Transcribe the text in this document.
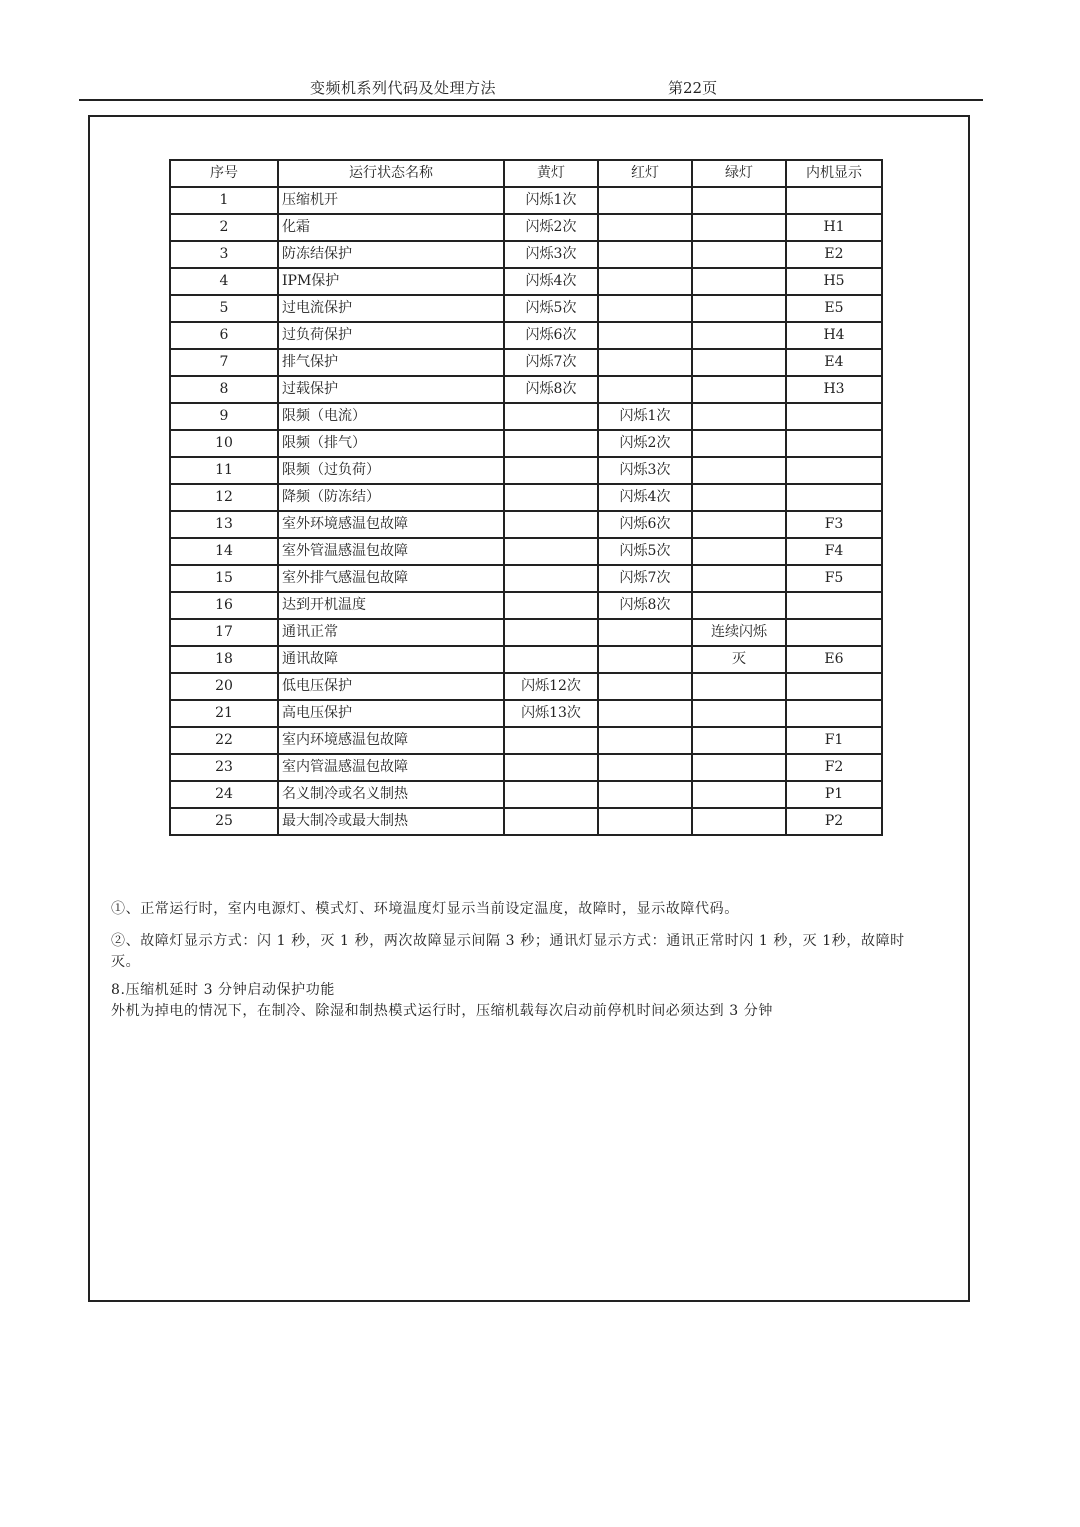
变频机系列代码及处理方法	第22页
序号	运行状态名称	黄灯	红灯	绿灯	内机显示
1	压缩机开	闪烁1次			
2	化霜	闪烁2次			H1
3	防冻结保护	闪烁3次			E2
4	IPM保护	闪烁4次			H5
5	过电流保护	闪烁5次			E5
6	过负荷保护	闪烁6次			H4
7	排气保护	闪烁7次			E4
8	过载保护	闪烁8次			H3
9	限频（电流）		闪烁1次		
10	限频（排气）		闪烁2次		
11	限频（过负荷）		闪烁3次		
12	降频（防冻结）		闪烁4次		
13	室外环境感温包故障		闪烁6次		F3
14	室外管温感温包故障		闪烁5次		F4
15	室外排气感温包故障		闪烁7次		F5
16	达到开机温度		闪烁8次		
17	通讯正常			连续闪烁	
18	通讯故障			灭	E6
20	低电压保护	闪烁12次			
21	高电压保护	闪烁13次			
22	室内环境感温包故障				F1
23	室内管温感温包故障				F2
24	名义制冷或名义制热				P1
25	最大制冷或最大制热				P2
①、正常运行时，室内电源灯、模式灯、环境温度灯显示当前设定温度，故障时，显示故障代码。
②、故障灯显示方式：闪 1 秒，灭 1 秒，两次故障显示间隔 3 秒；通讯灯显示方式：通讯正常时闪 1 秒，灭 1秒，故障时灭。
8.压缩机延时 3 分钟启动保护功能
外机为掉电的情况下，在制冷、除湿和制热模式运行时，压缩机载每次启动前停机时间必须达到 3 分钟
